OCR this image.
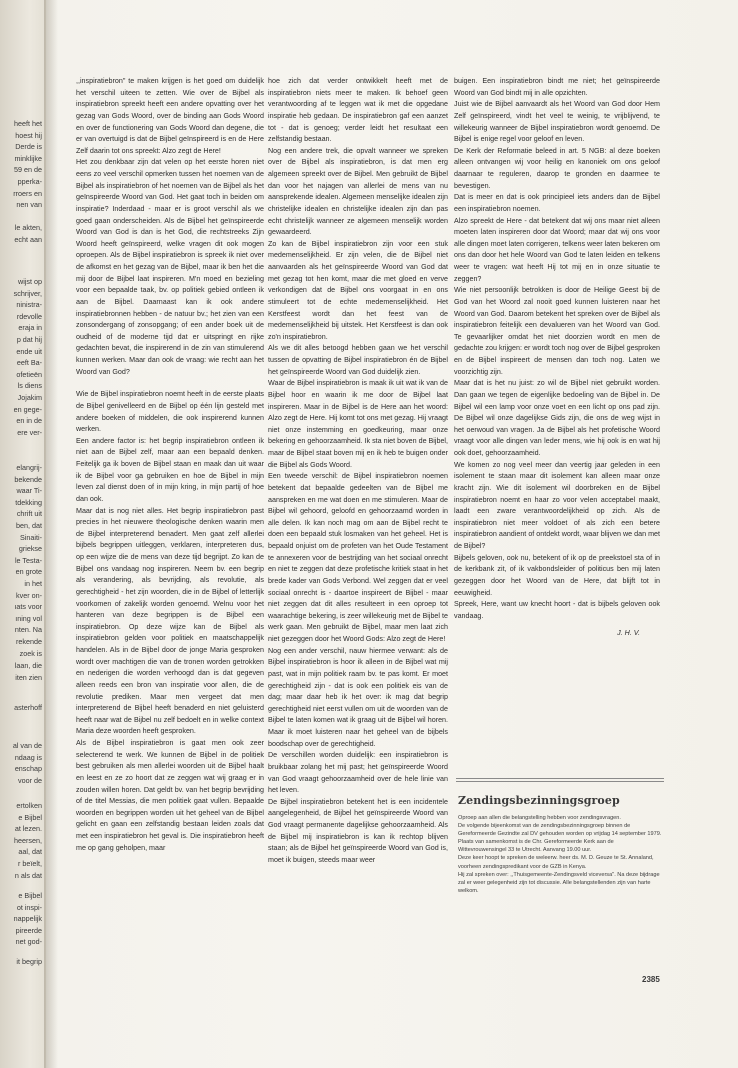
heeft het
hoest hij
Derde is
minklijke
59 en de
pperka-
rroers en
nen van
le akten,
echt aan
wijst op
schrijver,
ninistra-
rdevolle
eraja in
p dat hij
ende uit
eeft Ba-
ofetieën
ls diens
Jojakim
en gege-
en in de
ere ver-
elangrij-
bekende
waar Ti-
tdekking
chrift uit
ben, dat
Sinaiti-
griekse
le Testa-
en grote
in het
kver on-
ıats voor
ıning vol
nten. Na
rekende
zoek is
laan, die
iten zien
asterhoff
al van de
ndaag is
enschap
voor de
ertolken
e Bijbel
at lezen.
heersen,
aal, dat
r beïelt,
n als dat
e Bijbel
ot inspi-
nappelijk
pireerde
net god-
it begrip

,,inspiratiebron" te maken krijgen is het goed om duidelijk het verschil uiteen te zetten. Wie over de Bijbel als inspiratiebron spreekt heeft een andere opvatting over het gezag van Gods Woord, over de binding aan Gods Woord en over de functionering van Gods Woord dan degene, die er van overtuigd is dat de Bijbel geïnspireerd is en de Here Zelf daarin tot ons spreekt: Alzo zegt de Here!

Het zou denkbaar zijn dat velen op het eerste horen niet eens zo veel verschil opmerken tussen het noemen van de Bijbel als inspiratiebron of het noemen van de Bijbel als het geïnspireerde Woord van God. Het gaat toch in beiden om inspiratie? Inderdaad - maar er is groot verschil als we goed gaan onderscheiden. Als de Bijbel het geïnspireerde Woord van God is dan is het God, die rechtstreeks Zijn Woord heeft geïnspireerd, welke vragen dit ook mogen oproepen. Als de Bijbel inspiratiebron is spreek ik niet over de afkomst en het gezag van de Bijbel, maar ik ben het die mij door de Bijbel laat inspireren. M'n moed en bezieling voor een bepaalde taak, bv. op politiek gebied ontleen ik aan de Bijbel. Daarnaast kan ik ook andere inspiratiebronnen hebben - de natuur bv.; het zien van een zonsondergang of zonsopgang; of een ander boek uit de oudheid of de moderne tijd dat er uitspringt en rijke gedachten bevat, die inspirerend in de zin van stimulerend kunnen werken. Maar dan ook de vraag: wie recht aan het Woord van God?

Wie de Bijbel inspiratiebron noemt heeft in de eerste plaats de Bijbel genivelleerd en de Bijbel op één lijn gesteld met andere boeken of middelen, die ook inspirerend kunnen werken.

Een andere factor is: het begrip inspiratiebron ontleen ik niet aan de Bijbel zelf, maar aan een bepaald denken. Feitelijk ga ik boven de Bijbel staan en maak dan uit waar ik de Bijbel voor ga gebruiken en hoe de Bijbel in mijn leven zal dienst doen of in mijn kring, in mijn partij of hoe dan ook.

Maar dat is nog niet alles. Het begrip inspiratiebron past precies in het nieuwere theologische denken waarin men de Bijbel interpreterend benadert. Men gaat zelf allerlei bijbels begrippen uitleggen, verklaren, interpreteren dus, op een wijze die de mens van deze tijd begrijpt. Zo kan de Bijbel ons vandaag nog inspireren. Neem bv. een begrip als verandering, als bevrijding, als revolutie, als gerechtigheid - het zijn woorden, die in de Bijbel of letterlijk voorkomen of zakelijk worden genoemd. Welnu voor het hanteren van deze begrippen is de Bijbel een inspiratiebron. Op deze wijze kan de Bijbel als inspiratiebron gelden voor politiek en maatschappelijk handelen. Als in de Bijbel door de jonge Maria gesproken wordt over machtigen die van de tronen worden getrokken en nederigen die worden verhoogd dan is dat gegeven alleen reeds een bron van inspiratie voor allen, die de revolutie prediken. Maar men vergeet dat men interpreterend de Bijbel heeft benaderd en niet geluisterd heeft naar wat de Bijbel nu zelf bedoelt en in welke context Maria deze woorden heeft gesproken.

Als de Bijbel inspiratiebron is gaat men ook zeer selecterend te werk. We kunnen de Bijbel in de politiek best gebruiken als men allerlei woorden uit de Bijbel haalt en leest en ze zo hoort dat ze zeggen wat wij graag er in zouden willen horen. Dat geldt bv. van het begrip bevrijding of de titel Messias, die men politiek gaat vullen. Bepaalde woorden en begrippen worden uit het geheel van de Bijbel gelicht en gaan een zelfstandig bestaan leiden zoals dat met een inspiratiebron het geval is. Die inspiratiebron heeft me op gang geholpen, maar

hoe zich dat verder ontwikkelt heeft met de inspiratiebron niets meer te maken. Ik behoef geen verantwoording af te leggen wat ik met die opgedane inspiratie heb gedaan. De inspiratiebron gaf een aanzet tot - dat is genoeg; verder leidt het resultaat een zelfstandig bestaan.

Nog een andere trek, die opvalt wanneer we spreken over de Bijbel als inspiratiebron, is dat men erg algemeen spreekt over de Bijbel. Men gebruikt de Bijbel dan voor het najagen van allerlei de mens van nu aansprekende idealen. Algemeen menselijke idealen zijn christelijke idealen en christelijke idealen zijn dan pas echt christelijk wanneer ze algemeen menselijk worden gewaardeerd.

Zo kan de Bijbel inspiratiebron zijn voor een stuk medemenselijkheid. Er zijn velen, die de Bijbel niet aanvaarden als het geïnspireerde Woord van God dat met gezag tot hen komt, maar die met gloed en verve verkondigen dat de Bijbel ons voorgaat in en ons stimuleert tot de echte medemenselijkheid. Het Kerstfeest wordt dan het feest van de medemenselijkheid bij uitstek. Het Kerstfeest is dan ook zo'n inspiratiebron.

Als we dit alles betoogd hebben gaan we het verschil tussen de opvatting de Bijbel inspiratiebron én de Bijbel het geïnspireerde Woord van God duidelijk zien.

Waar de Bijbel inspiratiebron is maak ik uit wat ik van de Bijbel hoor en waarin ik me door de Bijbel laat inspireren. Maar in de Bijbel is de Here aan het woord: Alzo zegt de Here. Hij komt tot ons met gezag. Hij vraagt niet onze instemming en goedkeuring, maar onze bekering en gehoorzaamheid. Ik sta niet boven de Bijbel, maar de Bijbel staat boven mij en ik heb te buigen onder die Bijbel als Gods Woord.

Een tweede verschil: de Bijbel inspiratiebron noemen betekent dat bepaalde gedeelten van de Bijbel me aanspreken en me wat doen en me stimuleren. Maar de Bijbel wil gehoord, geloofd en gehoorzaamd worden in alle delen. Ik kan noch mag om aan de Bijbel recht te doen een bepaald stuk losmaken van het geheel. Het is bepaald onjuist om de profeten van het Oude Testament te annexeren voor de bestrijding van het sociaal onrecht en niet te zeggen dat deze profetische kritiek staat in het brede kader van Gods Verbond. Wel zeggen dat er veel sociaal onrecht is - daartoe inspireert de Bijbel - maar niet zeggen dat dit alles resulteert in een oproep tot waarachtige bekering, is zeer willekeurig met de Bijbel te werk gaan. Men gebruikt de Bijbel, maar men laat zich niet gezeggen door het Woord Gods: Alzo zegt de Here!

Nog een ander verschil, nauw hiermee verwant: als de Bijbel inspiratiebron is hoor ik alleen in de Bijbel wat mij past, wat in mijn politiek raam bv. te pas komt. Er moet gerechtigheid zijn - dat is ook een politiek eis van de dag; maar daar heb ik het over: ik mag dat begrip gerechtigheid niet eerst vullen om uit de woorden van de Bijbel te laten komen wat ik graag uit de Bijbel wil horen. Maar ik moet luisteren naar het geheel van de bijbels boodschap over de gerechtigheid.

De verschillen worden duidelijk: een inspiratiebron is bruikbaar zolang het mij past; het geïnspireerde Woord van God vraagt gehoorzaamheid over de hele linie van het leven.

De Bijbel inspiratiebron betekent het is een incidentele aangelegenheid, de Bijbel het geïnspireerde Woord van God vraagt permanente dagelijkse gehoorzaamheid. Als de Bijbel mij inspiratiebron is kan ik rechtop blijven staan; als de Bijbel het geïnspireerde Woord van God is, moet ik buigen, steeds maar weer

buigen. Een inspiratiebron bindt me niet; het geïnspireerde Woord van God bindt mij in alle opzichten.

Juist wie de Bijbel aanvaardt als het Woord van God door Hem Zelf geïnspireerd, vindt het veel te weinig, te vrijblijvend, te willekeurig wanneer de Bijbel inspiratiebron wordt genoemd. De Bijbel is enige regel voor geloof en leven.

De Kerk der Reformatie beleed in art. 5 NGB: al deze boeken alleen ontvangen wij voor heilig en kanoniek om ons geloof daarnaar te reguleren, daarop te gronden en daarmee te bevestigen.

Dat is meer en dat is ook principieel iets anders dan de Bijbel een inspiratiebron noemen.

Alzo spreekt de Here - dat betekent dat wij ons maar niet alleen moeten laten inspireren door dat Woord; maar dat wij ons voor alle dingen moet laten corrigeren, telkens weer laten bekeren om ons dan door het hele Woord van God te laten leiden en telkens weer te vragen: wat heeft Hij tot mij en in onze situatie te zeggen?

Wie niet persoonlijk betrokken is door de Heilige Geest bij de God van het Woord zal nooit goed kunnen luisteren naar het Woord van God. Daarom betekent het spreken over de Bijbel als inspiratiebron feitelijk een devalueren van het Woord van God. Te gevaarlijker omdat het niet doorzien wordt en men de gedachte zou krijgen: er wordt toch nog over de Bijbel gesproken en de Bijbel inspireert de mensen dan toch nog. Laten we voorzichtig zijn.

Maar dat is het nu juist: zo wil de Bijbel niet gebruikt worden. Dan gaan we tegen de eigenlijke bedoeling van de Bijbel in. De Bijbel wil een lamp voor onze voet en een licht op ons pad zijn. De Bijbel wil onze dagelijkse Gids zijn, die ons de weg wijst in het oerwoud van vragen. Ja de Bijbel als het profetische Woord vraagt voor alle dingen van leder mens, wie hij ook is en wat hij ook doet, gehoorzaamheid.

We komen zo nog veel meer dan veertig jaar geleden in een isolement te staan maar dit isolement kan alleen maar onze kracht zijn. Wie dit isolement wil doorbreken en de Bijbel inspiratiebron noemt en haar zo voor velen acceptabel maakt, laadt een zware verantwoordelijkheid op zich. Als de inspiratiebron niet meer voldoet of als zich een betere inspiratiebron aandient of ontdekt wordt, waar blijven we dan met de Bijbel?

Bijbels geloven, ook nu, betekent of ik op de preekstoel sta of in de kerkbank zit, of ik vakbondsleider of politicus ben mij laten gezeggen door het Woord van de Here, dat blijft tot in eeuwigheid.

Spreek, Here, want uw knecht hoort - dat is bijbels geloven ook vandaag.

J. H. V.
Zendingsbezinningsgroep

Oproep aan allen die belangstelling hebben voor zendingsvragen.

De volgende bijeenkomst van de zendingsbezinningsgroep binnen de Gereformeerde Gezindte zal DV gehouden worden op vrijdag 14 september 1979. Plaats van samenkomst is de Chr. Gereformeerde Kerk aan de Wittevrouwensingel 33 te Utrecht. Aanvang 19.00 uur.

Deze keer hoopt te spreken de weleerw. heer ds. M. D. Geuze te St. Annaland, voorheen zendingspredikant voor de GZB in Kenya.

Hij zal spreken over: ,,Thuisgemeente-Zendingsveld viceversa". Na deze bijdrage zal er weer gelegenheid zijn tot discussie. Alle belangstellenden zijn van harte welkom.

2385
